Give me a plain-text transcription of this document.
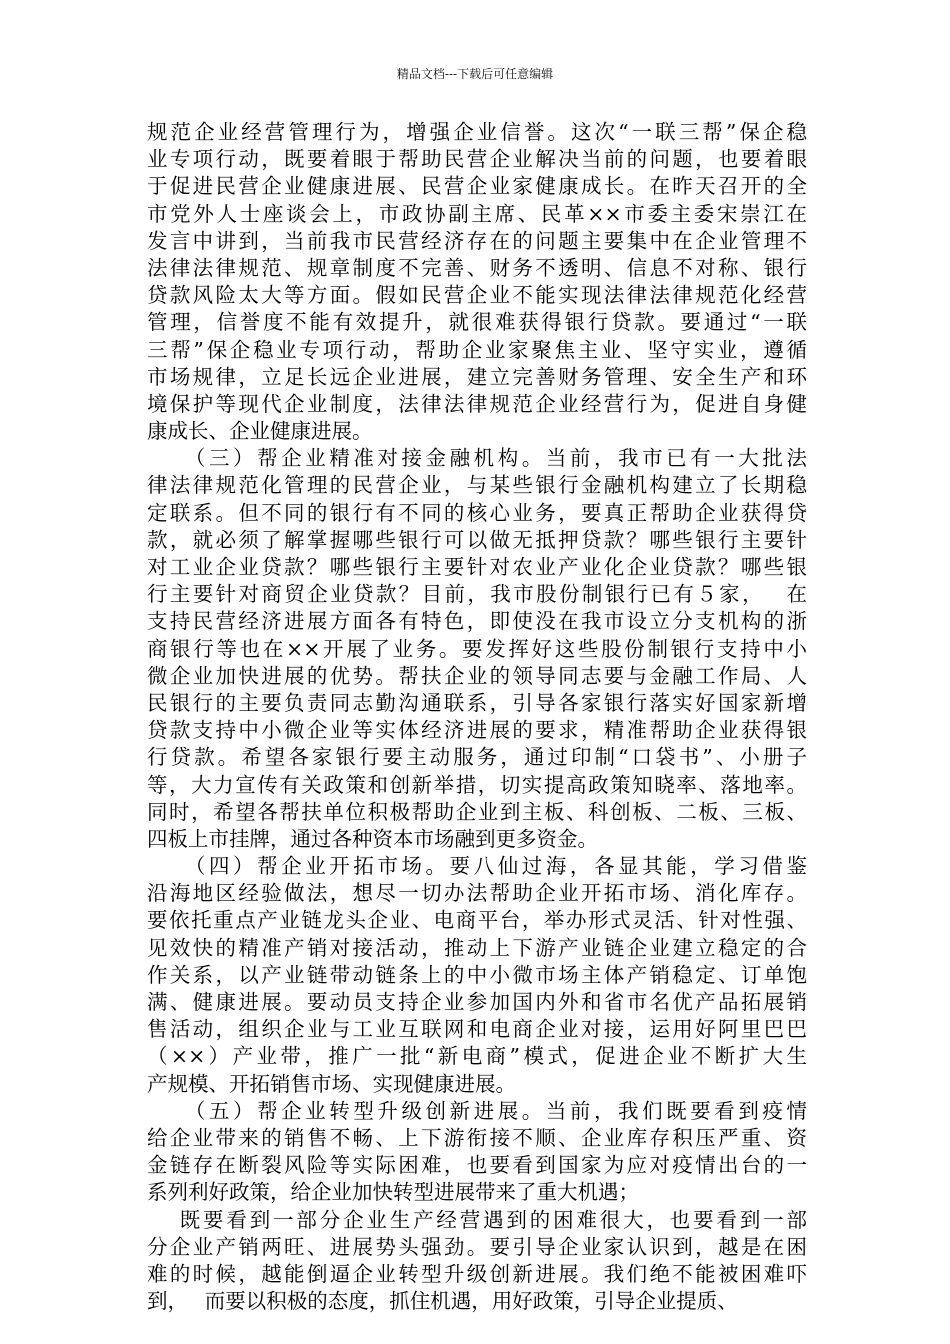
精品文档---下载后可任意编辑
规范企业经营管理行为，增强企业信誉。这次“一联三帮”保企稳
业专项行动，既要着眼于帮助民营企业解决当前的问题，也要着眼
于促进民营企业健康进展、民营企业家健康成长。在昨天召开的全
市党外人士座谈会上，市政协副主席、民革××市委主委宋崇江在
发言中讲到，当前我市民营经济存在的问题主要集中在企业管理不
法律法律规范、规章制度不完善、财务不透明、信息不对称、银行
贷款风险太大等方面。假如民营企业不能实现法律法律规范化经营
管理，信誉度不能有效提升，就很难获得银行贷款。要通过“一联
三帮”保企稳业专项行动，帮助企业家聚焦主业、坚守实业，遵循
市场规律，立足长远企业进展，建立完善财务管理、安全生产和环
境保护等现代企业制度，法律法律规范企业经营行为，促进自身健
康成长、企业健康进展。
　　（三）帮企业精准对接金融机构。当前，我市已有一大批法
律法律规范化管理的民营企业，与某些银行金融机构建立了长期稳
定联系。但不同的银行有不同的核心业务，要真正帮助企业获得贷
款，就必须了解掌握哪些银行可以做无抵押贷款？哪些银行主要针
对工业企业贷款？哪些银行主要针对农业产业化企业贷款？哪些银
行主要针对商贸企业贷款？目前，我市股份制银行已有５家，　 在
支持民营经济进展方面各有特色，即使没在我市设立分支机构的浙
商银行等也在××开展了业务。要发挥好这些股份制银行支持中小
微企业加快进展的优势。帮扶企业的领导同志要与金融工作局、人
民银行的主要负责同志勤沟通联系，引导各家银行落实好国家新增
贷款支持中小微企业等实体经济进展的要求，精准帮助企业获得银
行贷款。希望各家银行要主动服务，通过印制“口袋书”、小册子
等，大力宣传有关政策和创新举措，切实提高政策知晓率、落地率。
同时，希望各帮扶单位积极帮助企业到主板、科创板、二板、三板、
四板上市挂牌，通过各种资本市场融到更多资金。
　　（四）帮企业开拓市场。要八仙过海，各显其能，学习借鉴
沿海地区经验做法，想尽一切办法帮助企业开拓市场、消化库存。
要依托重点产业链龙头企业、电商平台，举办形式灵活、针对性强、
见效快的精准产销对接活动，推动上下游产业链企业建立稳定的合
作关系，以产业链带动链条上的中小微市场主体产销稳定、订单饱
满、健康进展。要动员支持企业参加国内外和省市名优产品拓展销
售活动，组织企业与工业互联网和电商企业对接，运用好阿里巴巴
（××）产业带，推广一批“新电商”模式，促进企业不断扩大生
产规模、开拓销售市场、实现健康进展。
　　（五）帮企业转型升级创新进展。当前，我们既要看到疫情
给企业带来的销售不畅、上下游衔接不顺、企业库存积压严重、资
金链存在断裂风险等实际困难，也要看到国家为应对疫情出台的一
系列利好政策，给企业加快转型进展带来了重大机遇；
　 既要看到一部分企业生产经营遇到的困难很大，也要看到一部
分企业产销两旺、进展势头强劲。要引导企业家认识到，越是在困
难的时候，越能倒逼企业转型升级创新进展。我们绝不能被困难吓
到，　 而要以积极的态度，抓住机遇，用好政策，引导企业提质、
